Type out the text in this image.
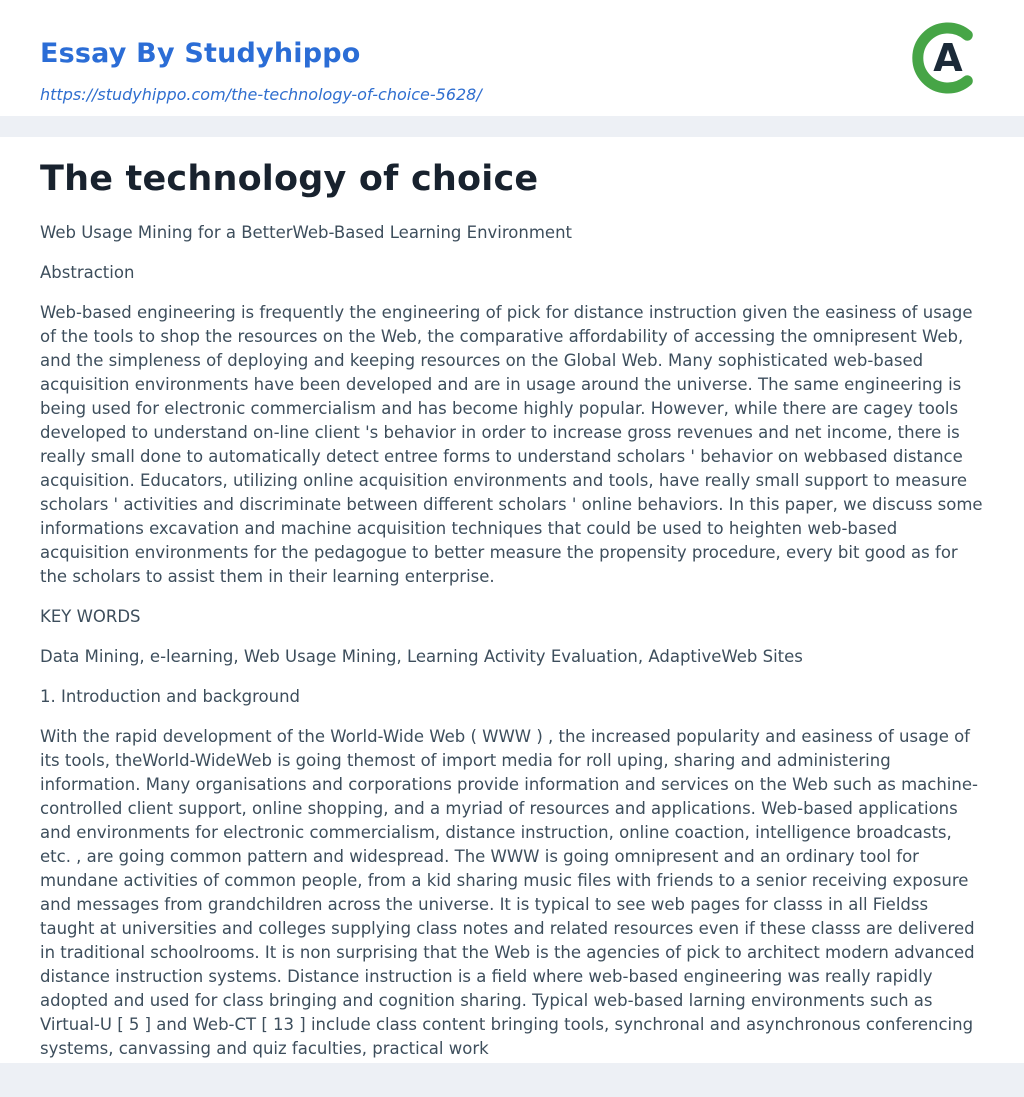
Essay By Studyhippo
https://studyhippo.com/the-technology-of-choice-5628/
A
The technology of choice
Web Usage Mining for a BetterWeb-Based Learning Environment

Abstraction

Web-based engineering is frequently the engineering of pick for distance instruction given the easiness of usage of the tools to shop the resources on the Web, the comparative affordability of accessing the omnipresent Web, and the simpleness of deploying and keeping resources on the Global Web. Many sophisticated web-based acquisition environments have been developed and are in usage around the universe. The same engineering is being used for electronic commercialism and has become highly popular. However, while there are cagey tools developed to understand on-line client 's behavior in order to increase gross revenues and net income, there is really small done to automatically detect entree forms to understand scholars ' behavior on webbased distance acquisition. Educators, utilizing online acquisition environments and tools, have really small support to measure scholars ' activities and discriminate between different scholars ' online behaviors. In this paper, we discuss some informations excavation and machine acquisition techniques that could be used to heighten web-based acquisition environments for the pedagogue to better measure the propensity procedure, every bit good as for the scholars to assist them in their learning enterprise.

KEY WORDS

Data Mining, e-learning, Web Usage Mining, Learning Activity Evaluation, AdaptiveWeb Sites

1. Introduction and background

With the rapid development of the World-Wide Web ( WWW ) , the increased popularity and easiness of usage of its tools, theWorld-WideWeb is going themost of import media for roll uping, sharing and administering information. Many organisations and corporations provide information and services on the Web such as machine-controlled client support, online shopping, and a myriad of resources and applications. Web-based applications and environments for electronic commercialism, distance instruction, online coaction, intelligence broadcasts, etc. , are going common pattern and widespread. The WWW is going omnipresent and an ordinary tool for mundane activities of common people, from a kid sharing music files with friends to a senior receiving exposure and messages from grandchildren across the universe. It is typical to see web pages for classs in all Fieldss taught at universities and colleges supplying class notes and related resources even if these classs are delivered in traditional schoolrooms. It is non surprising that the Web is the agencies of pick to architect modern advanced distance instruction systems. Distance instruction is a field where web-based engineering was really rapidly adopted and used for class bringing and cognition sharing. Typical web-based larning environments such as Virtual-U [ 5 ] and Web-CT [ 13 ] include class content bringing tools, synchronal and asynchronous conferencing systems, canvassing and quiz faculties, practical work
